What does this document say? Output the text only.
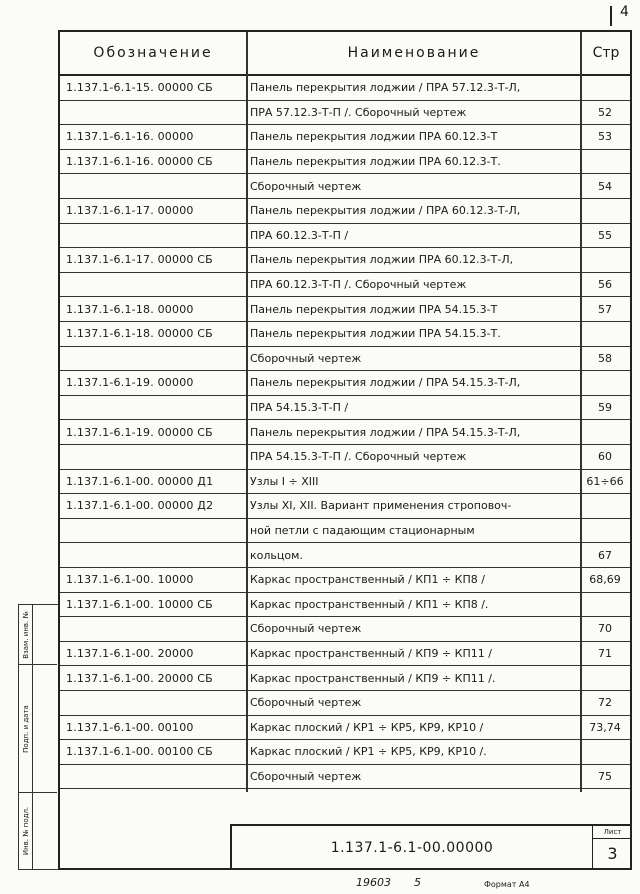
4
Обозначение	Наименование	Стр
1.137.1-6.1-15. 00000 СБ	Панель перекрытия лоджии / ПРА 57.12.3-Т-Л,
ПРА 57.12.3-Т-П /. Сборочный чертеж	52
1.137.1-6.1-16. 00000	Панель перекрытия лоджии ПРА 60.12.3-Т	53
1.137.1-6.1-16. 00000 СБ	Панель перекрытия лоджии ПРА 60.12.3-Т.
Сборочный чертеж	54
1.137.1-6.1-17. 00000	Панель перекрытия лоджии / ПРА 60.12.3-Т-Л,
ПРА 60.12.3-Т-П /	55
1.137.1-6.1-17. 00000 СБ	Панель перекрытия лоджии ПРА 60.12.3-Т-Л,
ПРА 60.12.3-Т-П /. Сборочный чертеж	56
1.137.1-6.1-18. 00000	Панель перекрытия лоджии ПРА 54.15.3-Т	57
1.137.1-6.1-18. 00000 СБ	Панель перекрытия лоджии ПРА 54.15.3-Т.
Сборочный чертеж	58
1.137.1-6.1-19. 00000	Панель перекрытия лоджии / ПРА 54.15.3-Т-Л,
ПРА 54.15.3-Т-П /	59
1.137.1-6.1-19. 00000 СБ	Панель перекрытия лоджии / ПРА 54.15.3-Т-Л,
ПРА 54.15.3-Т-П /. Сборочный чертеж	60
1.137.1-6.1-00. 00000 Д1	Узлы I ÷ XIII	61÷66
1.137.1-6.1-00. 00000 Д2	Узлы XI, XII. Вариант применения строповоч-
ной петли с падающим стационарным
кольцом.	67
1.137.1-6.1-00. 10000	Каркас пространственный / КП1 ÷ КП8 /	68,69
1.137.1-6.1-00. 10000 СБ	Каркас пространственный / КП1 ÷ КП8 /.
Сборочный чертеж	70
1.137.1-6.1-00. 20000	Каркас пространственный / КП9 ÷ КП11 /	71
1.137.1-6.1-00. 20000 СБ	Каркас пространственный / КП9 ÷ КП11 /.
Сборочный чертеж	72
1.137.1-6.1-00. 00100	Каркас плоский / КР1 ÷ КР5, КР9, КР10 /	73,74
1.137.1-6.1-00. 00100 СБ	Каркас плоский / КР1 ÷ КР5, КР9, КР10 /.
Сборочный чертеж	75
1.137.1-6.1-00.00000
Лист
3
Взам. инв. №
Подп. и дата
Инв. № подл.
19603 5	Формат А4
